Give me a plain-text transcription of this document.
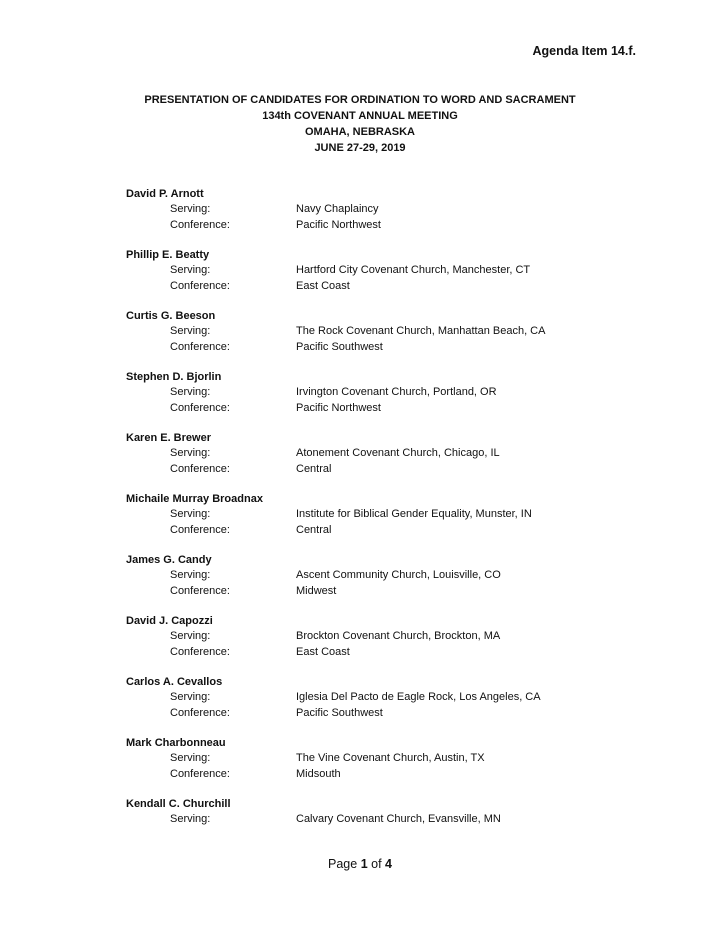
Agenda Item 14.f.
PRESENTATION OF CANDIDATES FOR ORDINATION TO WORD AND SACRAMENT
134th COVENANT ANNUAL MEETING
OMAHA, NEBRASKA
JUNE 27-29, 2019
David P. Arnott
Serving:	Navy Chaplaincy
Conference:	Pacific Northwest
Phillip E. Beatty
Serving:	Hartford City Covenant Church, Manchester, CT
Conference:	East Coast
Curtis G. Beeson
Serving:	The Rock Covenant Church, Manhattan Beach, CA
Conference:	Pacific Southwest
Stephen D. Bjorlin
Serving:	Irvington Covenant Church, Portland, OR
Conference:	Pacific Northwest
Karen E. Brewer
Serving:	Atonement Covenant Church, Chicago, IL
Conference:	Central
Michaile Murray Broadnax
Serving:	Institute for Biblical Gender Equality, Munster, IN
Conference:	Central
James G. Candy
Serving:	Ascent Community Church, Louisville, CO
Conference:	Midwest
David J. Capozzi
Serving:	Brockton Covenant Church, Brockton, MA
Conference:	East Coast
Carlos A. Cevallos
Serving:	Iglesia Del Pacto de Eagle Rock, Los Angeles, CA
Conference:	Pacific Southwest
Mark Charbonneau
Serving:	The Vine Covenant Church, Austin, TX
Conference:	Midsouth
Kendall C. Churchill
Serving:	Calvary Covenant Church, Evansville, MN
Page 1 of 4
